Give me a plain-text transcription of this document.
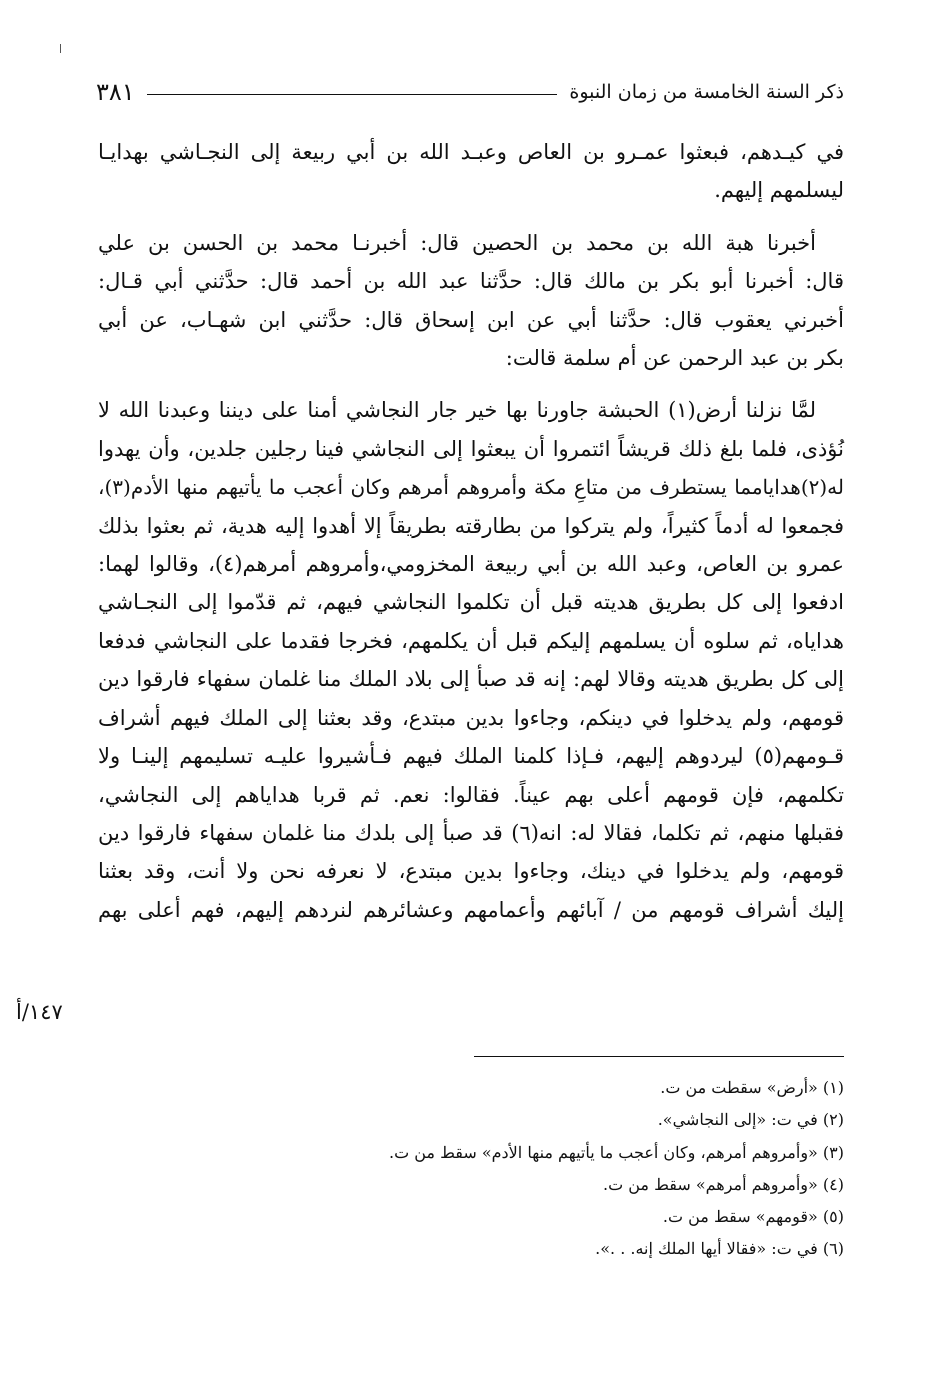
ذكر السنة الخامسة من زمان النبوة
٣٨١

في كيـدهم، فبعثوا عمـرو بن العاص وعبـد الله بن أبي ربيعة إلى النجـاشي بهدايـا
ليسلمهم إليهم.

أخبرنا هبة الله بن محمد بن الحصين قال: أخبرنـا محمد بن الحسن بن علي
قال: أخبرنا أبو بكر بن مالك قال: حدَّثنا عبد الله بن أحمد قال: حدَّثني أبي قـال:
أخبرني يعقوب قال: حدَّثنا أبي عن ابن إسحاق قال: حدَّثني ابن شهـاب، عن أبي
بكر بن عبد الرحمن عن أم سلمة قالت:

لمَّا نزلنا أرض(١) الحبشة جاورنا بها خير جار النجاشي أمنا على ديننا وعبدنا الله لا
نُؤذى، فلما بلغ ذلك قريشاً ائتمروا أن يبعثوا إلى النجاشي فينا رجلين جلدين، وأن يهدوا
له(٢)هدايامما يستطرف من متاعِ مكة وأمروهم أمرهم وكان أعجب ما يأتيهم منها الأدم(٣)،
فجمعوا له أدماً كثيراً، ولم يتركوا من بطارقته بطريقاً إلا أهدوا إليه هدية، ثم بعثوا بذلك
عمرو بن العاص، وعبد الله بن أبي ربيعة المخزومي،وأمروهم أمرهم(٤)، وقالوا لهما:
ادفعوا إلى كل بطريق هديته قبل أن تكلموا النجاشي فيهم، ثم قدّموا إلى النجـاشي
هداياه، ثم سلوه أن يسلمهم إليكم قبل أن يكلمهم، فخرجا فقدما على النجاشي فدفعا
إلى كل بطريق هديته وقالا لهم: إنه قد صبأ إلى بلاد الملك منا غلمان سفهاء فارقوا دين
قومهم، ولم يدخلوا في دينكم، وجاءوا بدين مبتدع، وقد بعثنا إلى الملك فيهم أشراف
قـومهم(٥) ليردوهم إليهم، فـإذا كلمنا الملك فيهم فـأشيروا عليـه تسليمهم إلينـا ولا
تكلمهم، فإن قومهم أعلى بهم عيناً. فقالوا: نعم. ثم قربا هداياهم إلى النجاشي،
فقبلها منهم، ثم تكلما، فقالا له: انه(٦) قد صبأ إلى بلدك منا غلمان سفهاء فارقوا دين
قومهم، ولم يدخلوا في دينك، وجاءوا بدين مبتدع، لا نعرفه نحن ولا أنت، وقد بعثنا
إليك أشراف قومهم من / آبائهم وأعمامهم وعشائرهم لنردهم إليهم، فهم أعلى بهم

١٤٧/أ
(١) «أرض» سقطت من ت.
(٢) في ت: «إلى النجاشي».
(٣) «وأمروهم أمرهم، وكان أعجب ما يأتيهم منها الأدم» سقط من ت.
(٤) «وأمروهم أمرهم» سقط من ت.
(٥) «قومهم» سقط من ت.
(٦) في ت: «فقالا أيها الملك إنه. . .».
